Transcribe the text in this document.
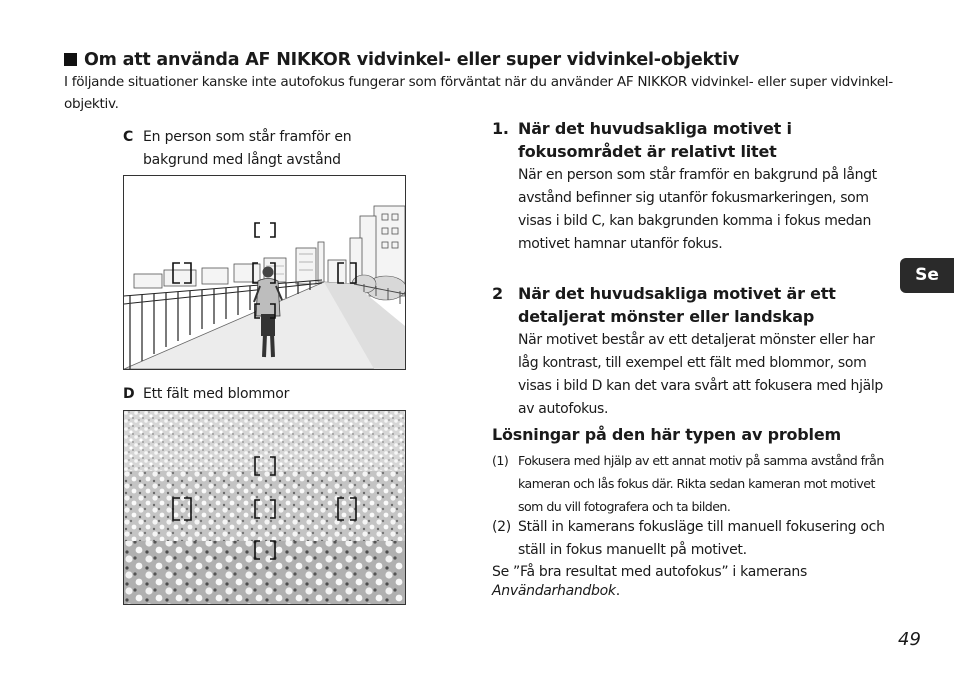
Om att använda AF NIKKOR vidvinkel- eller super vidvinkel-objektiv
I följande situationer kanske inte autofokus fungerar som förväntat när du använder AF NIKKOR vidvinkel- eller super vidvinkel-objektiv.
C En person som står framför en
bakgrund med långt avstånd
D Ett fält med blommor
1. När det huvudsakliga motivet i fokusområdet är relativt litet
När en person som står framför en bakgrund på långt avstånd befinner sig utanför fokusmarkeringen, som visas i bild C, kan bakgrunden komma i fokus medan motivet hamnar utanför fokus.
2 När det huvudsakliga motivet är ett detaljerat mönster eller landskap
När motivet består av ett detaljerat mönster eller har låg kontrast, till exempel ett fält med blommor, som visas i bild D kan det vara svårt att fokusera med hjälp av autofokus.
Lösningar på den här typen av problem
(1) Fokusera med hjälp av ett annat motiv på samma avstånd från kameran och lås fokus där. Rikta sedan kameran mot motivet som du vill fotografera och ta bilden.
(2) Ställ in kamerans fokusläge till manuell fokusering och ställ in fokus manuellt på motivet.
Se ”Få bra resultat med autofokus” i kamerans
Användarhandbok.
Se
49
